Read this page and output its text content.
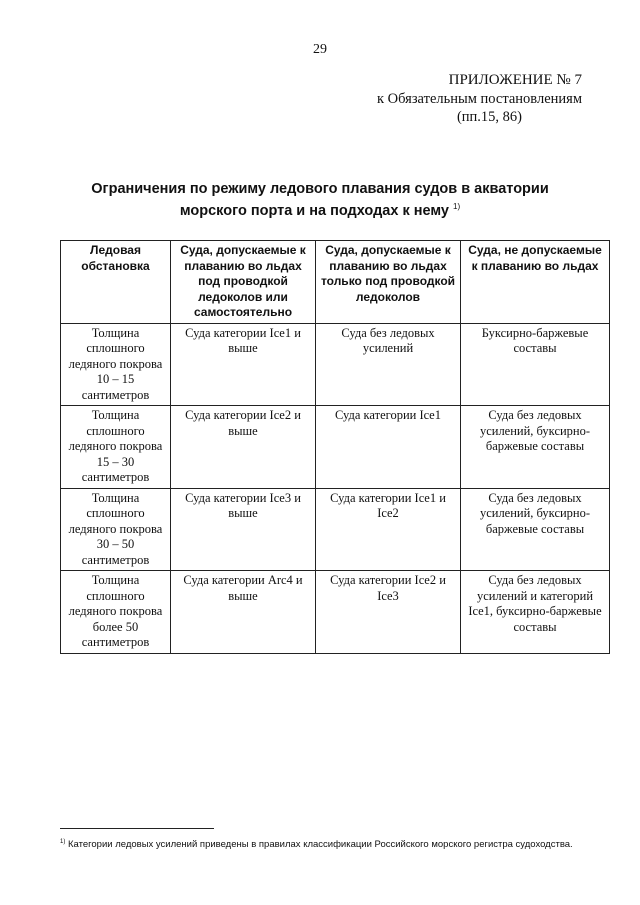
29
ПРИЛОЖЕНИЕ № 7
к Обязательным постановлениям
(пп.15, 86)
Ограничения по режиму ледового плавания судов в акватории
морского порта и на подходах к нему $^{1)}$
Ледовая обстановка	Суда, допускаемые к плаванию во льдах под проводкой ледоколов или самостоятельно	Суда, допускаемые к плаванию во льдах только под проводкой ледоколов	Суда, не допускаемые к плаванию во льдах
Толщина сплошного ледяного покрова 10 – 15 сантиметров	Суда категории Ice1 и выше	Суда без ледовых усилений	Буксирно-баржевые составы
Толщина сплошного ледяного покрова 15 – 30 сантиметров	Суда категории Ice2 и выше	Суда категории Ice1	Суда без ледовых усилений, буксирно-баржевые составы
Толщина сплошного ледяного покрова 30 – 50 сантиметров	Суда категории Ice3 и выше	Суда категории Ice1 и Ice2	Суда без ледовых усилений, буксирно-баржевые составы
Толщина сплошного ледяного покрова более 50 сантиметров	Суда категории Arc4 и выше	Суда категории Ice2 и Ice3	Суда без ледовых усилений и категорий Ice1, буксирно-баржевые составы
$^{1)}$ Категории ледовых усилений приведены в правилах классификации Российского морского регистра судоходства.
